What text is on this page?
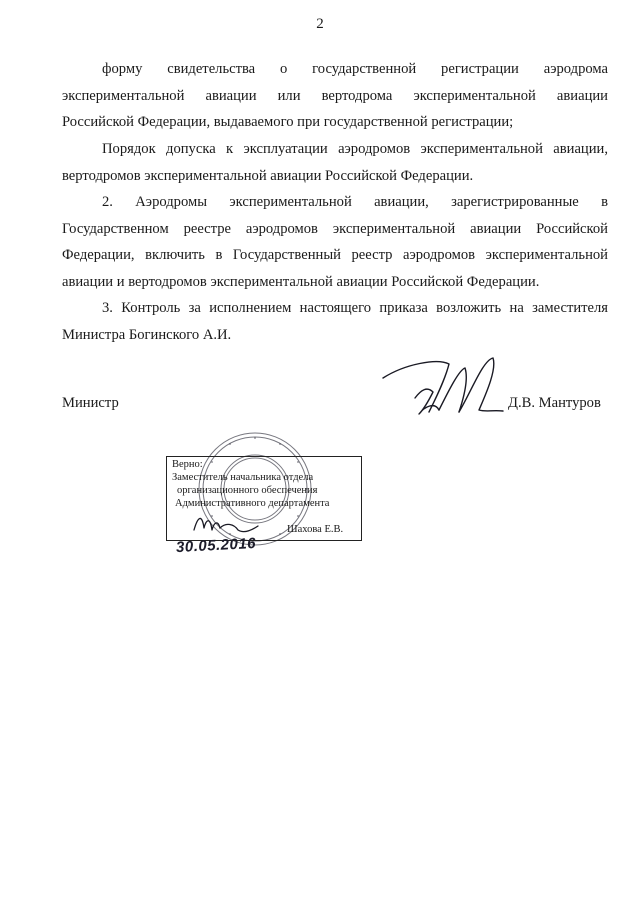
2
форму свидетельства о государственной регистрации аэродрома
экспериментальной авиации или вертодрома экспериментальной авиации
Российской Федерации, выдаваемого при государственной регистрации;
Порядок допуска к эксплуатации аэродромов экспериментальной авиации,
вертодромов экспериментальной авиации Российской Федерации.
2. Аэродромы экспериментальной авиации, зарегистрированные в
Государственном реестре аэродромов экспериментальной авиации Российской
Федерации, включить в Государственный реестр аэродромов экспериментальной
авиации и вертодромов экспериментальной авиации Российской Федерации.
3. Контроль за исполнением настоящего приказа возложить на заместителя
Министра Богинского А.И.
Министр	Д.В. Мантуров
Верно:
Заместитель начальника отдела
организационного обеспечения
Административного департамента
Шахова Е.В.
30.05.2016
